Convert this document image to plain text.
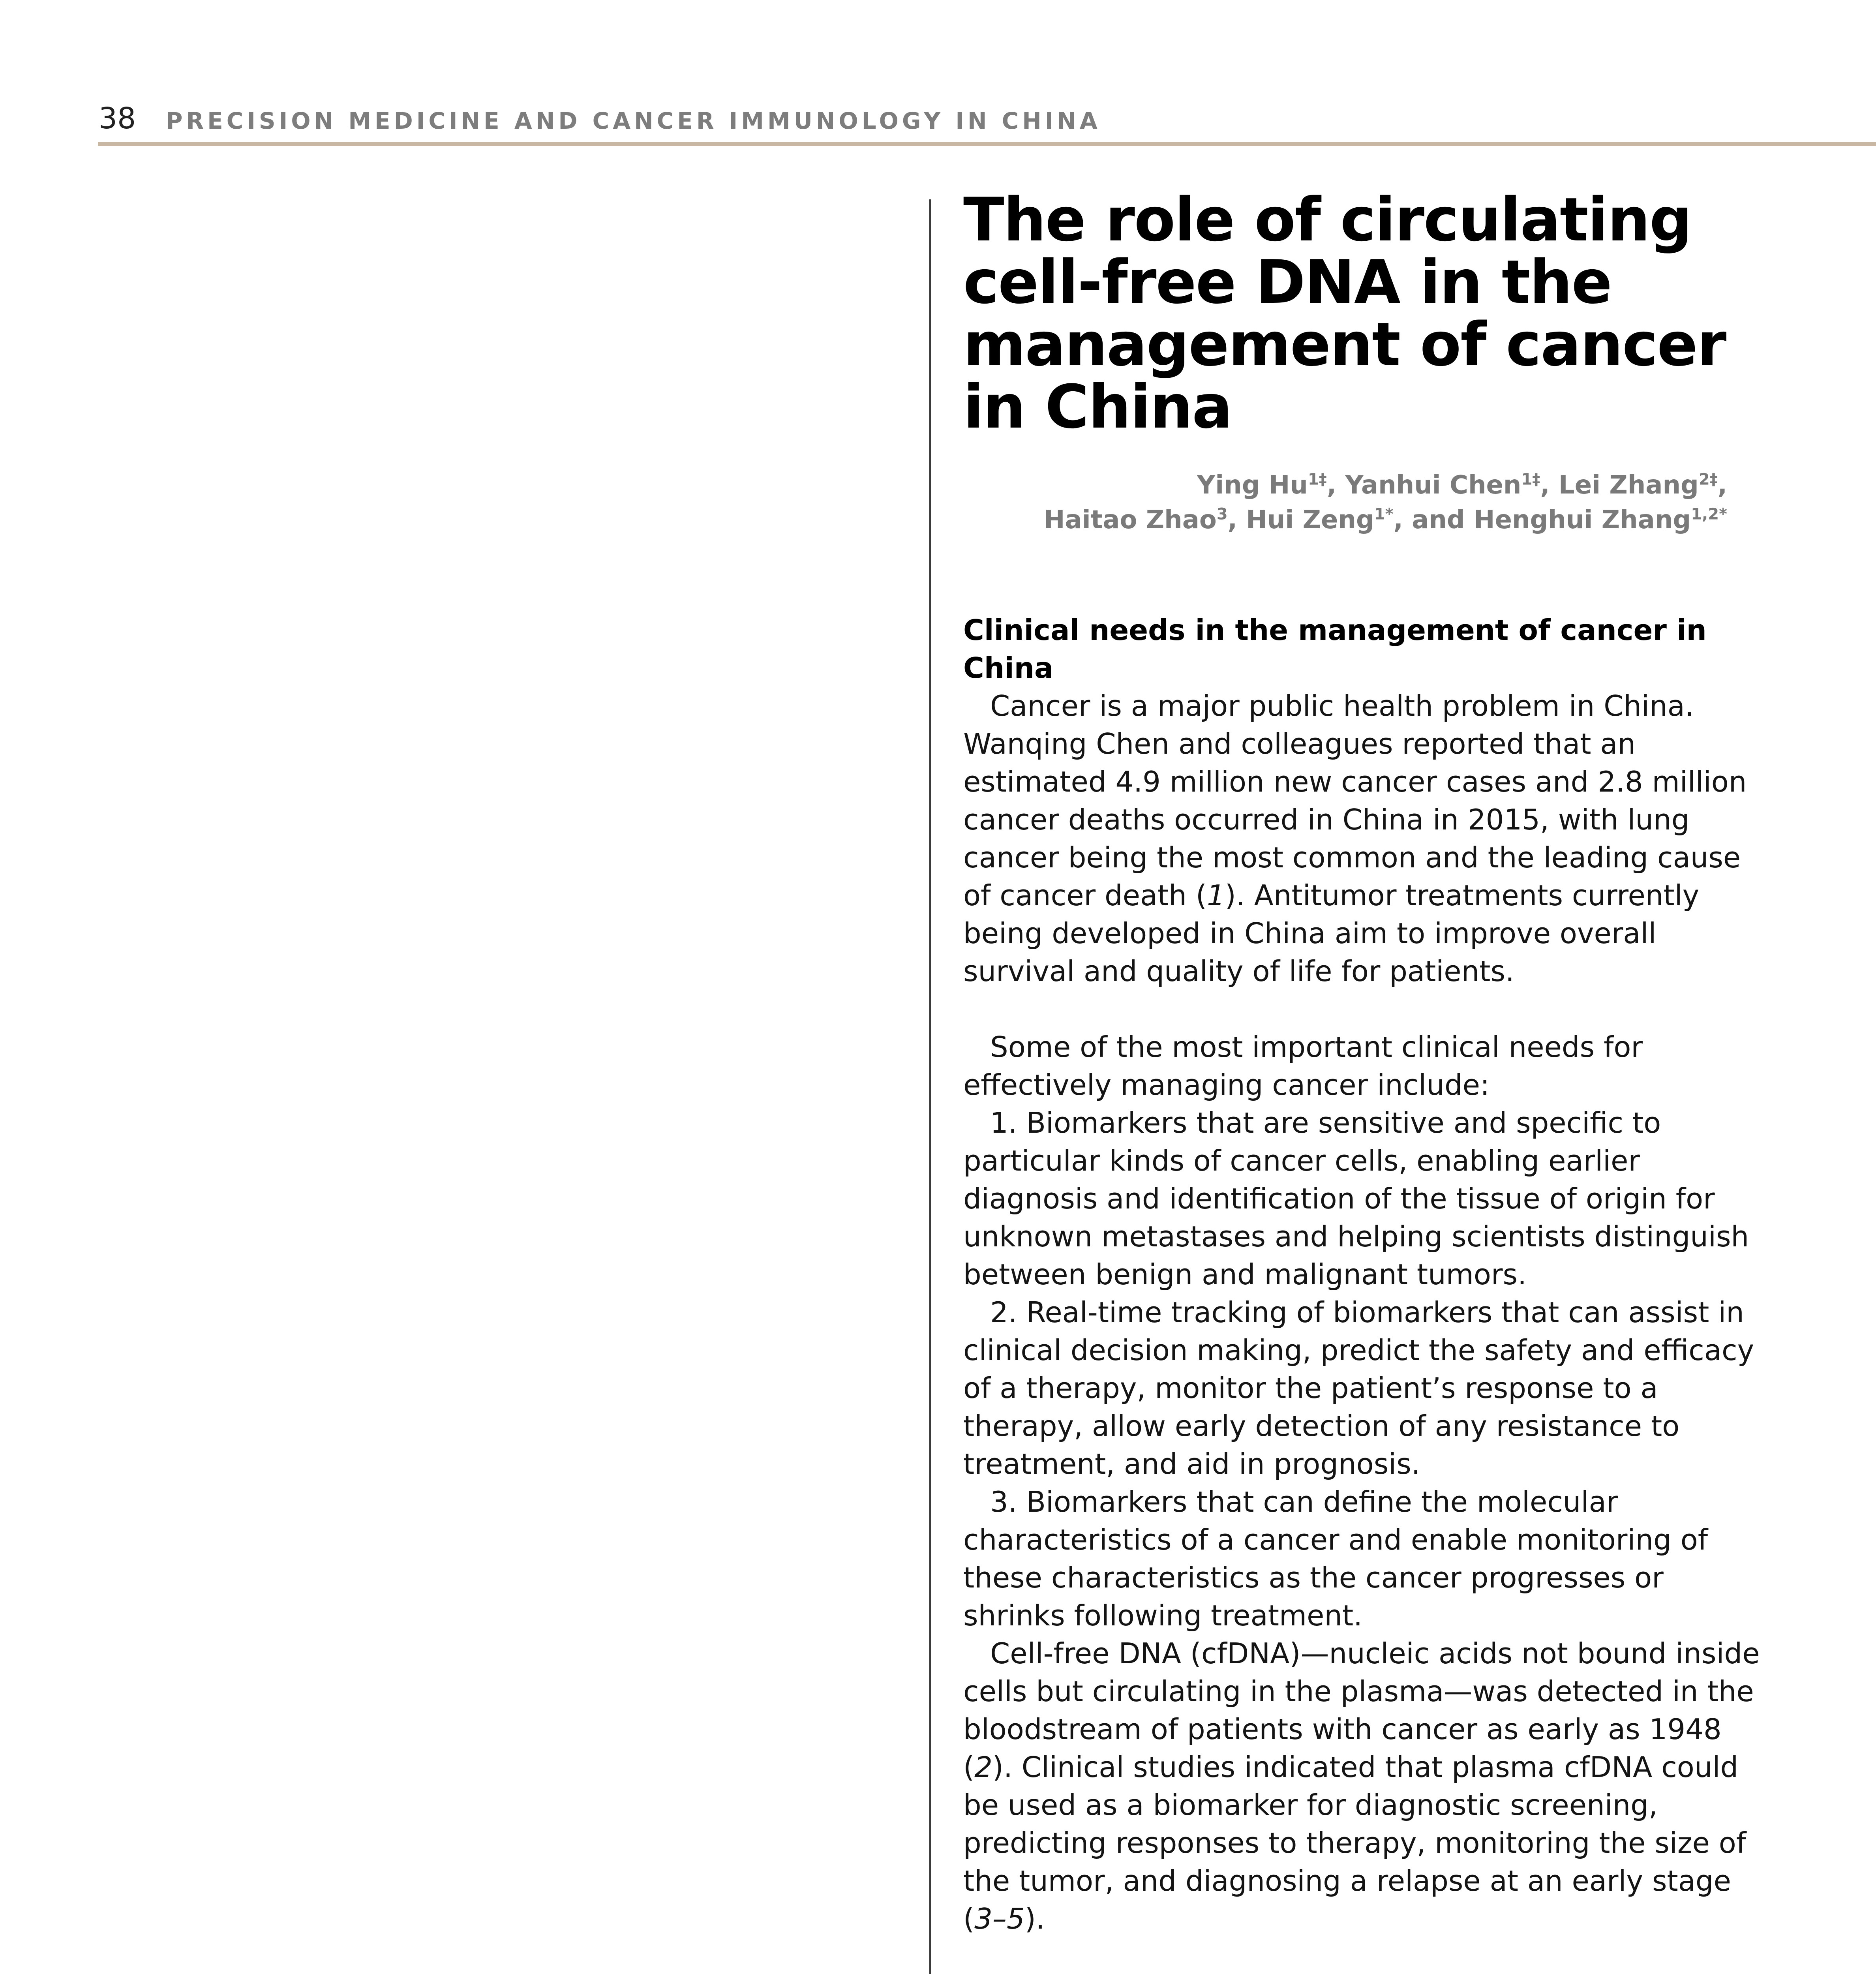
38 PRECISION MEDICINE AND CANCER IMMUNOLOGY IN CHINA
The role of circulating
cell-free DNA in the
management of cancer
in China
Ying $Hu^{1\ddagger}$, Yanhui Chen$^{1\ddagger}$, Lei Zhang$^{2\ddagger}$,
Haitao Zhao$^3$, Hui Zeng$^{1*}$, and Henghui Zhang$^{1,2*}$
Clinical needs in the management of cancer in China

Cancer is a major public health problem in China. Wanqing Chen and colleagues reported that an estimated 4.9 million new cancer cases and 2.8 million cancer deaths occurred in China in 2015, with lung cancer being the most common and the leading cause of cancer death (1). Antitumor treatments currently being developed in China aim to improve overall survival and quality of life for patients.

Some of the most important clinical needs for effectively managing cancer include:

1. Biomarkers that are sensitive and specific to particular kinds of cancer cells, enabling earlier diagnosis and identification of the tissue of origin for unknown metastases and helping scientists distinguish between benign and malignant tumors.

2. Real-time tracking of biomarkers that can assist in clinical decision making, predict the safety and efficacy of a therapy, monitor the patient’s response to a therapy, allow early detection of any resistance to treatment, and aid in prognosis.

3. Biomarkers that can define the molecular characteristics of a cancer and enable monitoring of these characteristics as the cancer progresses or shrinks following treatment.

Cell-free DNA (cfDNA)—nucleic acids not bound inside cells but circulating in the plasma—was detected in the bloodstream of patients with cancer as early as 1948 (2). Clinical studies indicated that plasma cfDNA could be used as a biomarker for diagnostic screening, predicting responses to therapy, monitoring the size of the tumor, and diagnosing a relapse at an early stage (3–5).
